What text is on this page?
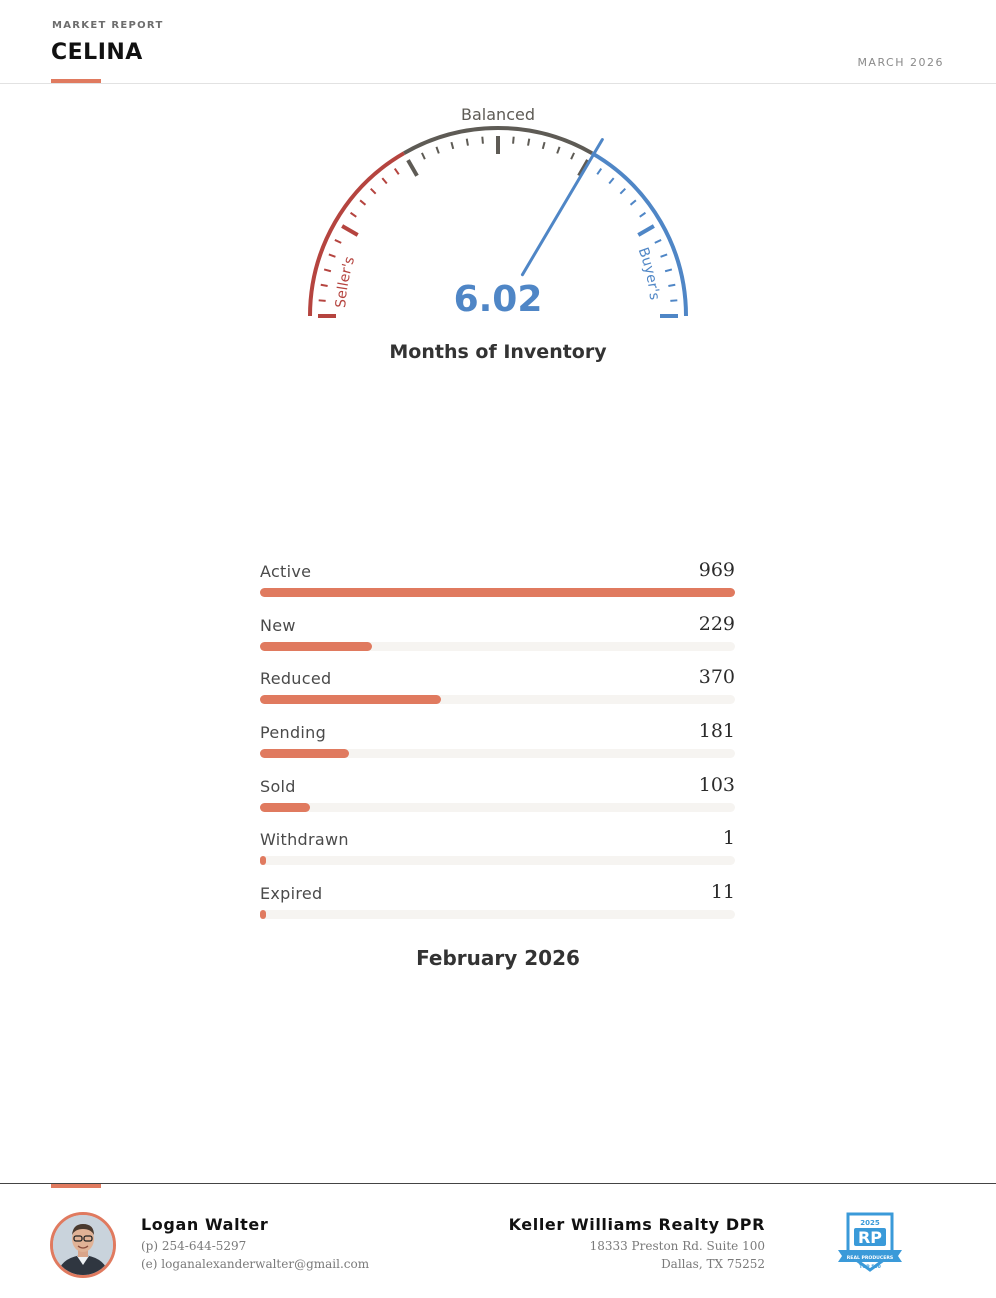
MARKET REPORT
CELINA	MARCH 2026
Balanced
Seller's
Buyer's
6.02
Months of Inventory
Active	969
New	229
Reduced	370
Pending	181
Sold	103
Withdrawn	1
Expired	11
February 2026
Logan Walter
(p) 254-644-5297
(e) loganalexanderwalter@gmail.com
Keller Williams Realty DPR
18333 Preston Rd. Suite 100
Dallas, TX 75252
2025
RP
REAL PRODUCERS
TOP 500
